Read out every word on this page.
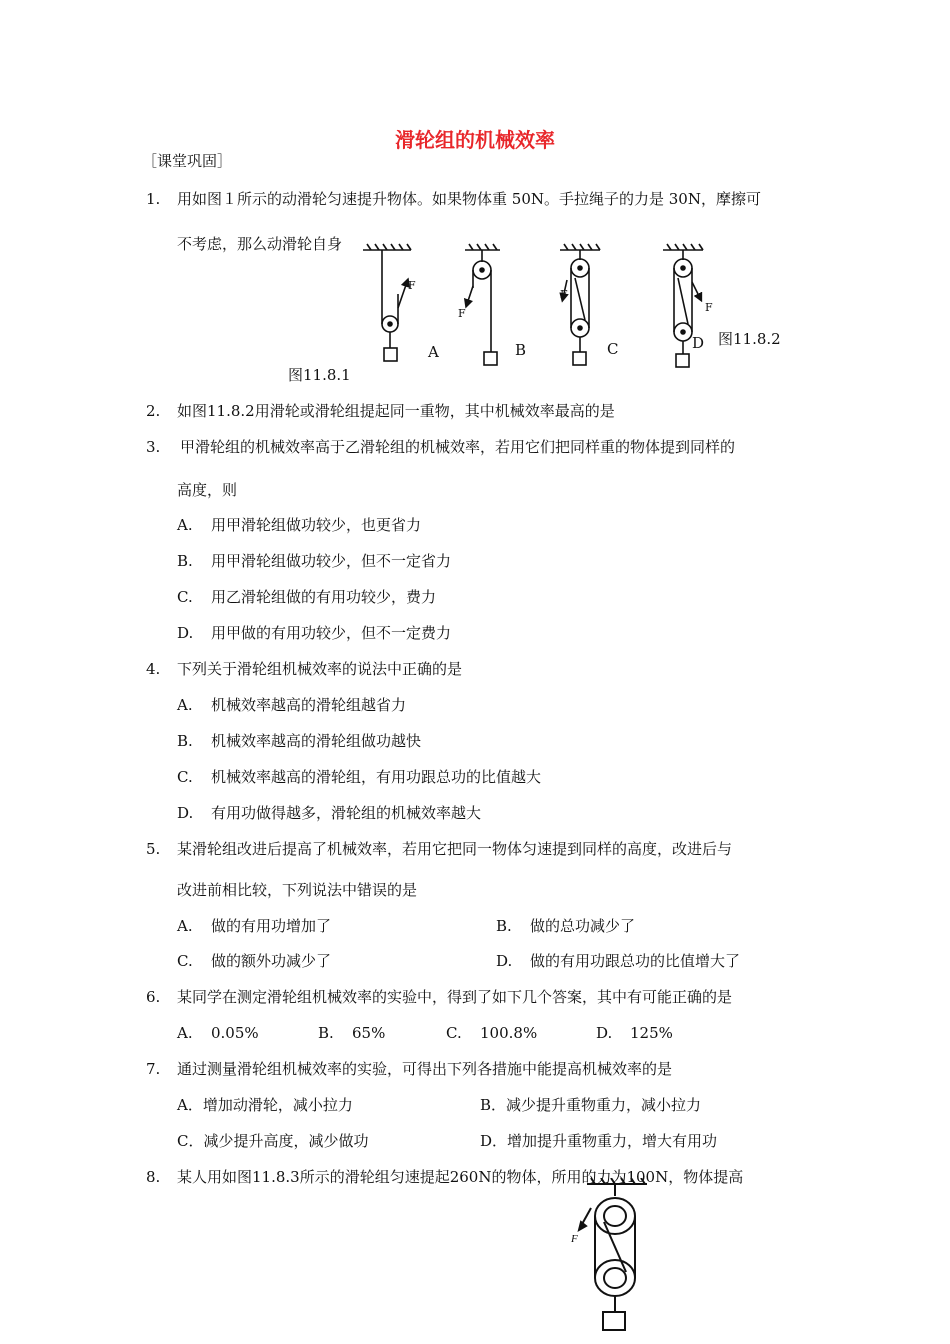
滑轮组的机械效率
［课堂巩固］
1. 用如图１所示的动滑轮匀速提升物体。如果物体重 50N。手拉绳子的力是 30N，摩擦可
不考虑，那么动滑轮自身
F
F
F
F
A	B	C	D 图11.8.2
图11.8.1
2. 如图11.8.2用滑轮或滑轮组提起同一重物，其中机械效率最高的是
3. 甲滑轮组的机械效率高于乙滑轮组的机械效率，若用它们把同样重的物体提到同样的
高度，则
A. 用甲滑轮组做功较少，也更省力
B. 用甲滑轮组做功较少，但不一定省力
C. 用乙滑轮组做的有用功较少，费力
D. 用甲做的有用功较少，但不一定费力
4. 下列关于滑轮组机械效率的说法中正确的是
A. 机械效率越高的滑轮组越省力
B. 机械效率越高的滑轮组做功越快
C. 机械效率越高的滑轮组，有用功跟总功的比值越大
D. 有用功做得越多，滑轮组的机械效率越大
5. 某滑轮组改进后提高了机械效率，若用它把同一物体匀速提到同样的高度，改进后与
改进前相比较，下列说法中错误的是
A. 做的有用功增加了	B. 做的总功减少了
C. 做的额外功减少了	D. 做的有用功跟总功的比值增大了
6. 某同学在测定滑轮组机械效率的实验中，得到了如下几个答案，其中有可能正确的是
A. 0.05%	B. 65%	C. 100.8%	D. 125%
7. 通过测量滑轮组机械效率的实验，可得出下列各措施中能提高机械效率的是
A．增加动滑轮，减小拉力	B．减少提升重物重力，减小拉力
C．减少提升高度，减少做功	D．增加提升重物重力，增大有用功
8. 某人用如图11.8.3所示的滑轮组匀速提起260N的物体，所用的力为100N，物体提高
F
